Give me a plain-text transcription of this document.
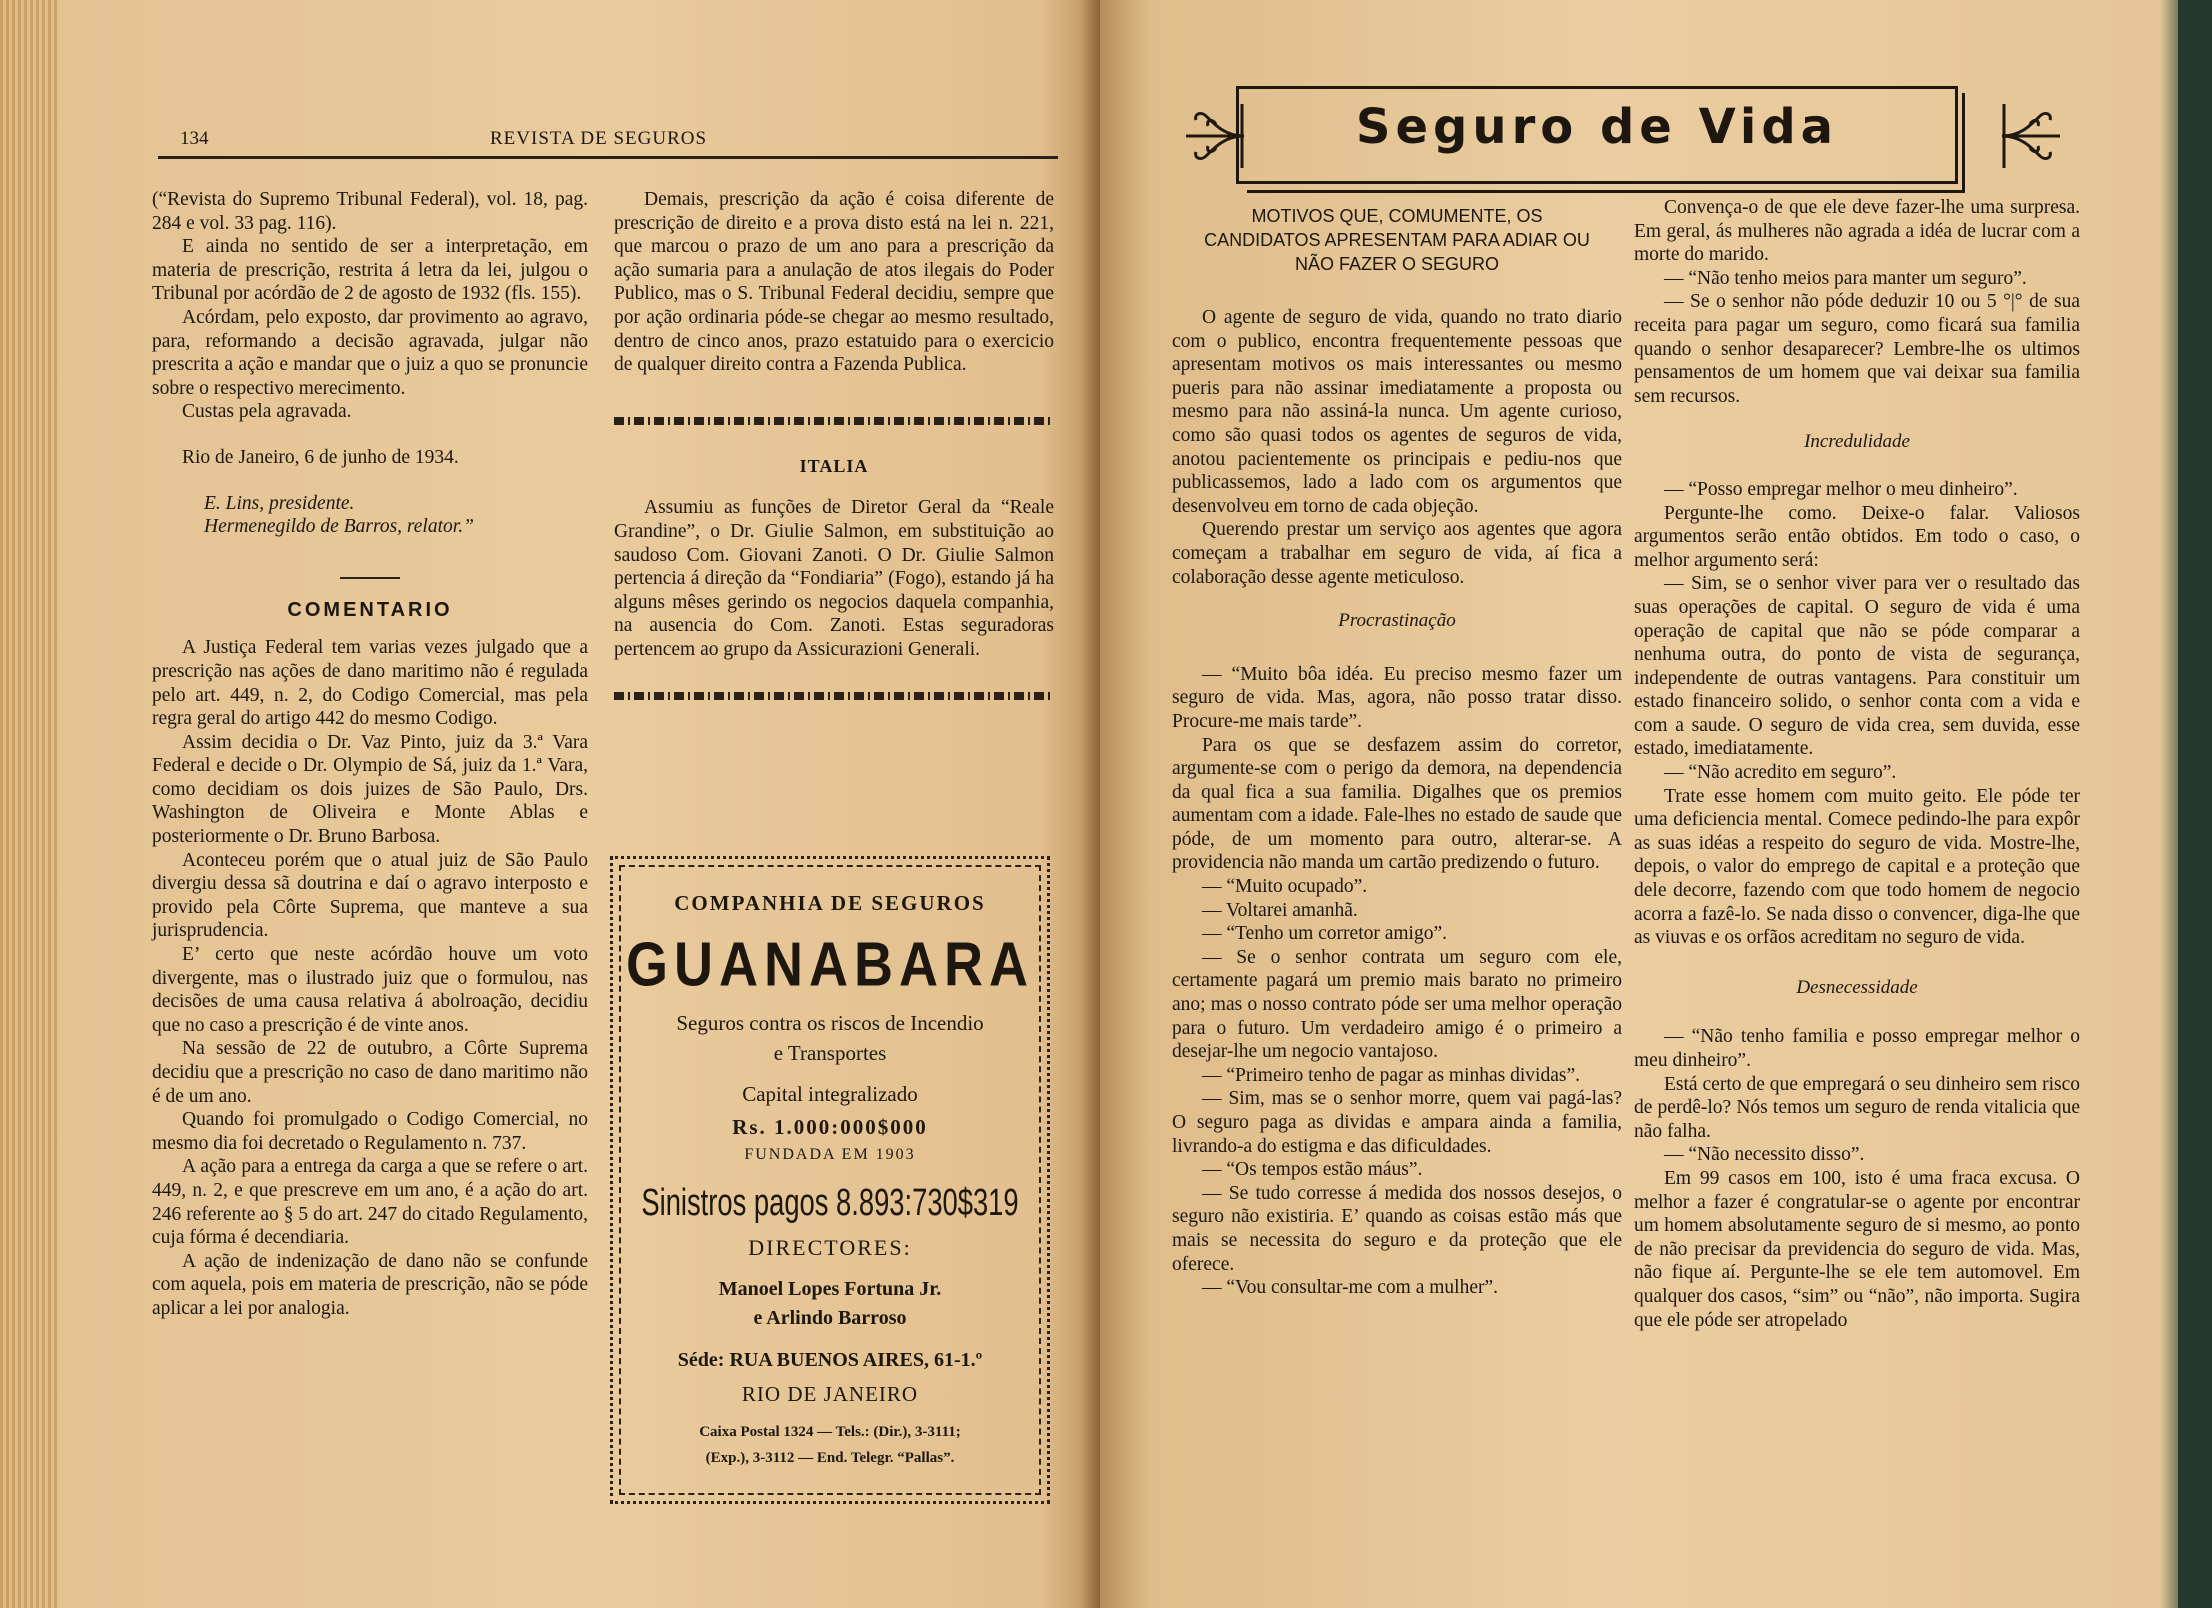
134	REVISTA DE SEGUROS

(“Revista do Supremo Tribunal Federal), vol. 18, pag. 284 e vol. 33 pag. 116).

E ainda no sentido de ser a interpretação, em materia de prescrição, restrita á letra da lei, julgou o Tribunal por acórdão de 2 de agosto de 1932 (fls. 155).

Acórdam, pelo exposto, dar provimento ao agravo, para, reformando a decisão agravada, julgar não prescrita a ação e mandar que o juiz a quo se pronuncie sobre o respectivo merecimento.

Custas pela agravada.

Rio de Janeiro, 6 de junho de 1934.

E. Lins, presidente.

Hermenegildo de Barros, relator.”

COMENTARIO

A Justiça Federal tem varias vezes julgado que a prescrição nas ações de dano maritimo não é regulada pelo art. 449, n. 2, do Codigo Comercial, mas pela regra geral do artigo 442 do mesmo Codigo.

Assim decidia o Dr. Vaz Pinto, juiz da 3.ª Vara Federal e decide o Dr. Olympio de Sá, juiz da 1.ª Vara, como decidiam os dois juizes de São Paulo, Drs. Washington de Oliveira e Monte Ablas e posteriormente o Dr. Bruno Barbosa.

Aconteceu porém que o atual juiz de São Paulo divergiu dessa sã doutrina e daí o agravo interposto e provido pela Côrte Suprema, que manteve a sua jurisprudencia.

E’ certo que neste acórdão houve um voto divergente, mas o ilustrado juiz que o formulou, nas decisões de uma causa relativa á abolroação, decidiu que no caso a prescrição é de vinte anos.

Na sessão de 22 de outubro, a Côrte Suprema decidiu que a prescrição no caso de dano maritimo não é de um ano.

Quando foi promulgado o Codigo Comercial, no mesmo dia foi decretado o Regulamento n. 737.

A ação para a entrega da carga a que se refere o art. 449, n. 2, e que prescreve em um ano, é a ação do art. 246 referente ao § 5 do art. 247 do citado Regulamento, cuja fórma é decendiaria.

A ação de indenização de dano não se confunde com aquela, pois em materia de prescrição, não se póde aplicar a lei por analogia.

Demais, prescrição da ação é coisa diferente de prescrição de direito e a prova disto está na lei n. 221, que marcou o prazo de um ano para a prescrição da ação sumaria para a anulação de atos ilegais do Poder Publico, mas o S. Tribunal Federal decidiu, sempre que por ação ordinaria póde-se chegar ao mesmo resultado, dentro de cinco anos, prazo estatuido para o exercicio de qualquer direito contra a Fazenda Publica.

ITALIA

Assumiu as funções de Diretor Geral da “Reale Grandine”, o Dr. Giulie Salmon, em substituição ao saudoso Com. Giovani Zanoti. O Dr. Giulie Salmon pertencia á direção da “Fondiaria” (Fogo), estando já ha alguns mêses gerindo os negocios daquela companhia, na ausencia do Com. Zanoti. Estas seguradoras pertencem ao grupo da Assicurazioni Generali.

COMPANHIA DE SEGUROS
GUANABARA
Seguros contra os riscos de Incendio
e Transportes
Capital integralizado
Rs. 1.000:000$000
FUNDADA EM 1903
Sinistros pagos 8.893:730$319
DIRECTORES:
Manoel Lopes Fortuna Jr.
e Arlindo Barroso
Séde: RUA BUENOS AIRES, 61-1.º
RIO DE JANEIRO
Caixa Postal 1324 — Tels.: (Dir.), 3-3111;
(Exp.), 3-3112 — End. Telegr. “Pallas”.
Seguro de Vida

MOTIVOS QUE, COMUMENTE, OS CANDIDATOS APRESENTAM PARA ADIAR OU NÃO FAZER O SEGURO

O agente de seguro de vida, quando no trato diario com o publico, encontra frequentemente pessoas que apresentam motivos os mais interessantes ou mesmo pueris para não assinar imediatamente a proposta ou mesmo para não assiná-la nunca. Um agente curioso, como são quasi todos os agentes de seguros de vida, anotou pacientemente os principais e pediu-nos que publicassemos, lado a lado com os argumentos que desenvolveu em torno de cada objeção.

Querendo prestar um serviço aos agentes que agora começam a trabalhar em seguro de vida, aí fica a colaboração desse agente meticuloso.

Procrastinação

— “Muito bôa idéa. Eu preciso mesmo fazer um seguro de vida. Mas, agora, não posso tratar disso. Procure-me mais tarde”.

Para os que se desfazem assim do corretor, argumente-se com o perigo da demora, na dependencia da qual fica a sua familia. Digalhes que os premios aumentam com a idade. Fale-lhes no estado de saude que póde, de um momento para outro, alterar-se. A providencia não manda um cartão predizendo o futuro.

— “Muito ocupado”.

— Voltarei amanhã.

— “Tenho um corretor amigo”.

— Se o senhor contrata um seguro com ele, certamente pagará um premio mais barato no primeiro ano; mas o nosso contrato póde ser uma melhor operação para o futuro. Um verdadeiro amigo é o primeiro a desejar-lhe um negocio vantajoso.

— “Primeiro tenho de pagar as minhas dividas”.

— Sim, mas se o senhor morre, quem vai pagá-las? O seguro paga as dividas e ampara ainda a familia, livrando-a do estigma e das dificuldades.

— “Os tempos estão máus”.

— Se tudo corresse á medida dos nossos desejos, o seguro não existiria. E’ quando as coisas estão más que mais se necessita do seguro e da proteção que ele oferece.

— “Vou consultar-me com a mulher”.

Convença-o de que ele deve fazer-lhe uma surpresa. Em geral, ás mulheres não agrada a idéa de lucrar com a morte do marido.

— “Não tenho meios para manter um seguro”.

— Se o senhor não póde deduzir 10 ou 5 °|° de sua receita para pagar um seguro, como ficará sua familia quando o senhor desaparecer? Lembre-lhe os ultimos pensamentos de um homem que vai deixar sua familia sem recursos.

Incredulidade

— “Posso empregar melhor o meu dinheiro”.

Pergunte-lhe como. Deixe-o falar. Valiosos argumentos serão então obtidos. Em todo o caso, o melhor argumento será:

— Sim, se o senhor viver para ver o resultado das suas operações de capital. O seguro de vida é uma operação de capital que não se póde comparar a nenhuma outra, do ponto de vista de segurança, independente de outras vantagens. Para constituir um estado financeiro solido, o senhor conta com a vida e com a saude. O seguro de vida crea, sem duvida, esse estado, imediatamente.

— “Não acredito em seguro”.

Trate esse homem com muito geito. Ele póde ter uma deficiencia mental. Comece pedindo-lhe para expôr as suas idéas a respeito do seguro de vida. Mostre-lhe, depois, o valor do emprego de capital e a proteção que dele decorre, fazendo com que todo homem de negocio acorra a fazê-lo. Se nada disso o convencer, diga-lhe que as viuvas e os orfãos acreditam no seguro de vida.

Desnecessidade

— “Não tenho familia e posso empregar melhor o meu dinheiro”.

Está certo de que empregará o seu dinheiro sem risco de perdê-lo? Nós temos um seguro de renda vitalicia que não falha.

— “Não necessito disso”.

Em 99 casos em 100, isto é uma fraca excusa. O melhor a fazer é congratular-se o agente por encontrar um homem absolutamente seguro de si mesmo, ao ponto de não precisar da previdencia do seguro de vida. Mas, não fique aí. Pergunte-lhe se ele tem automovel. Em qualquer dos casos, “sim” ou “não”, não importa. Sugira que ele póde ser atropelado
